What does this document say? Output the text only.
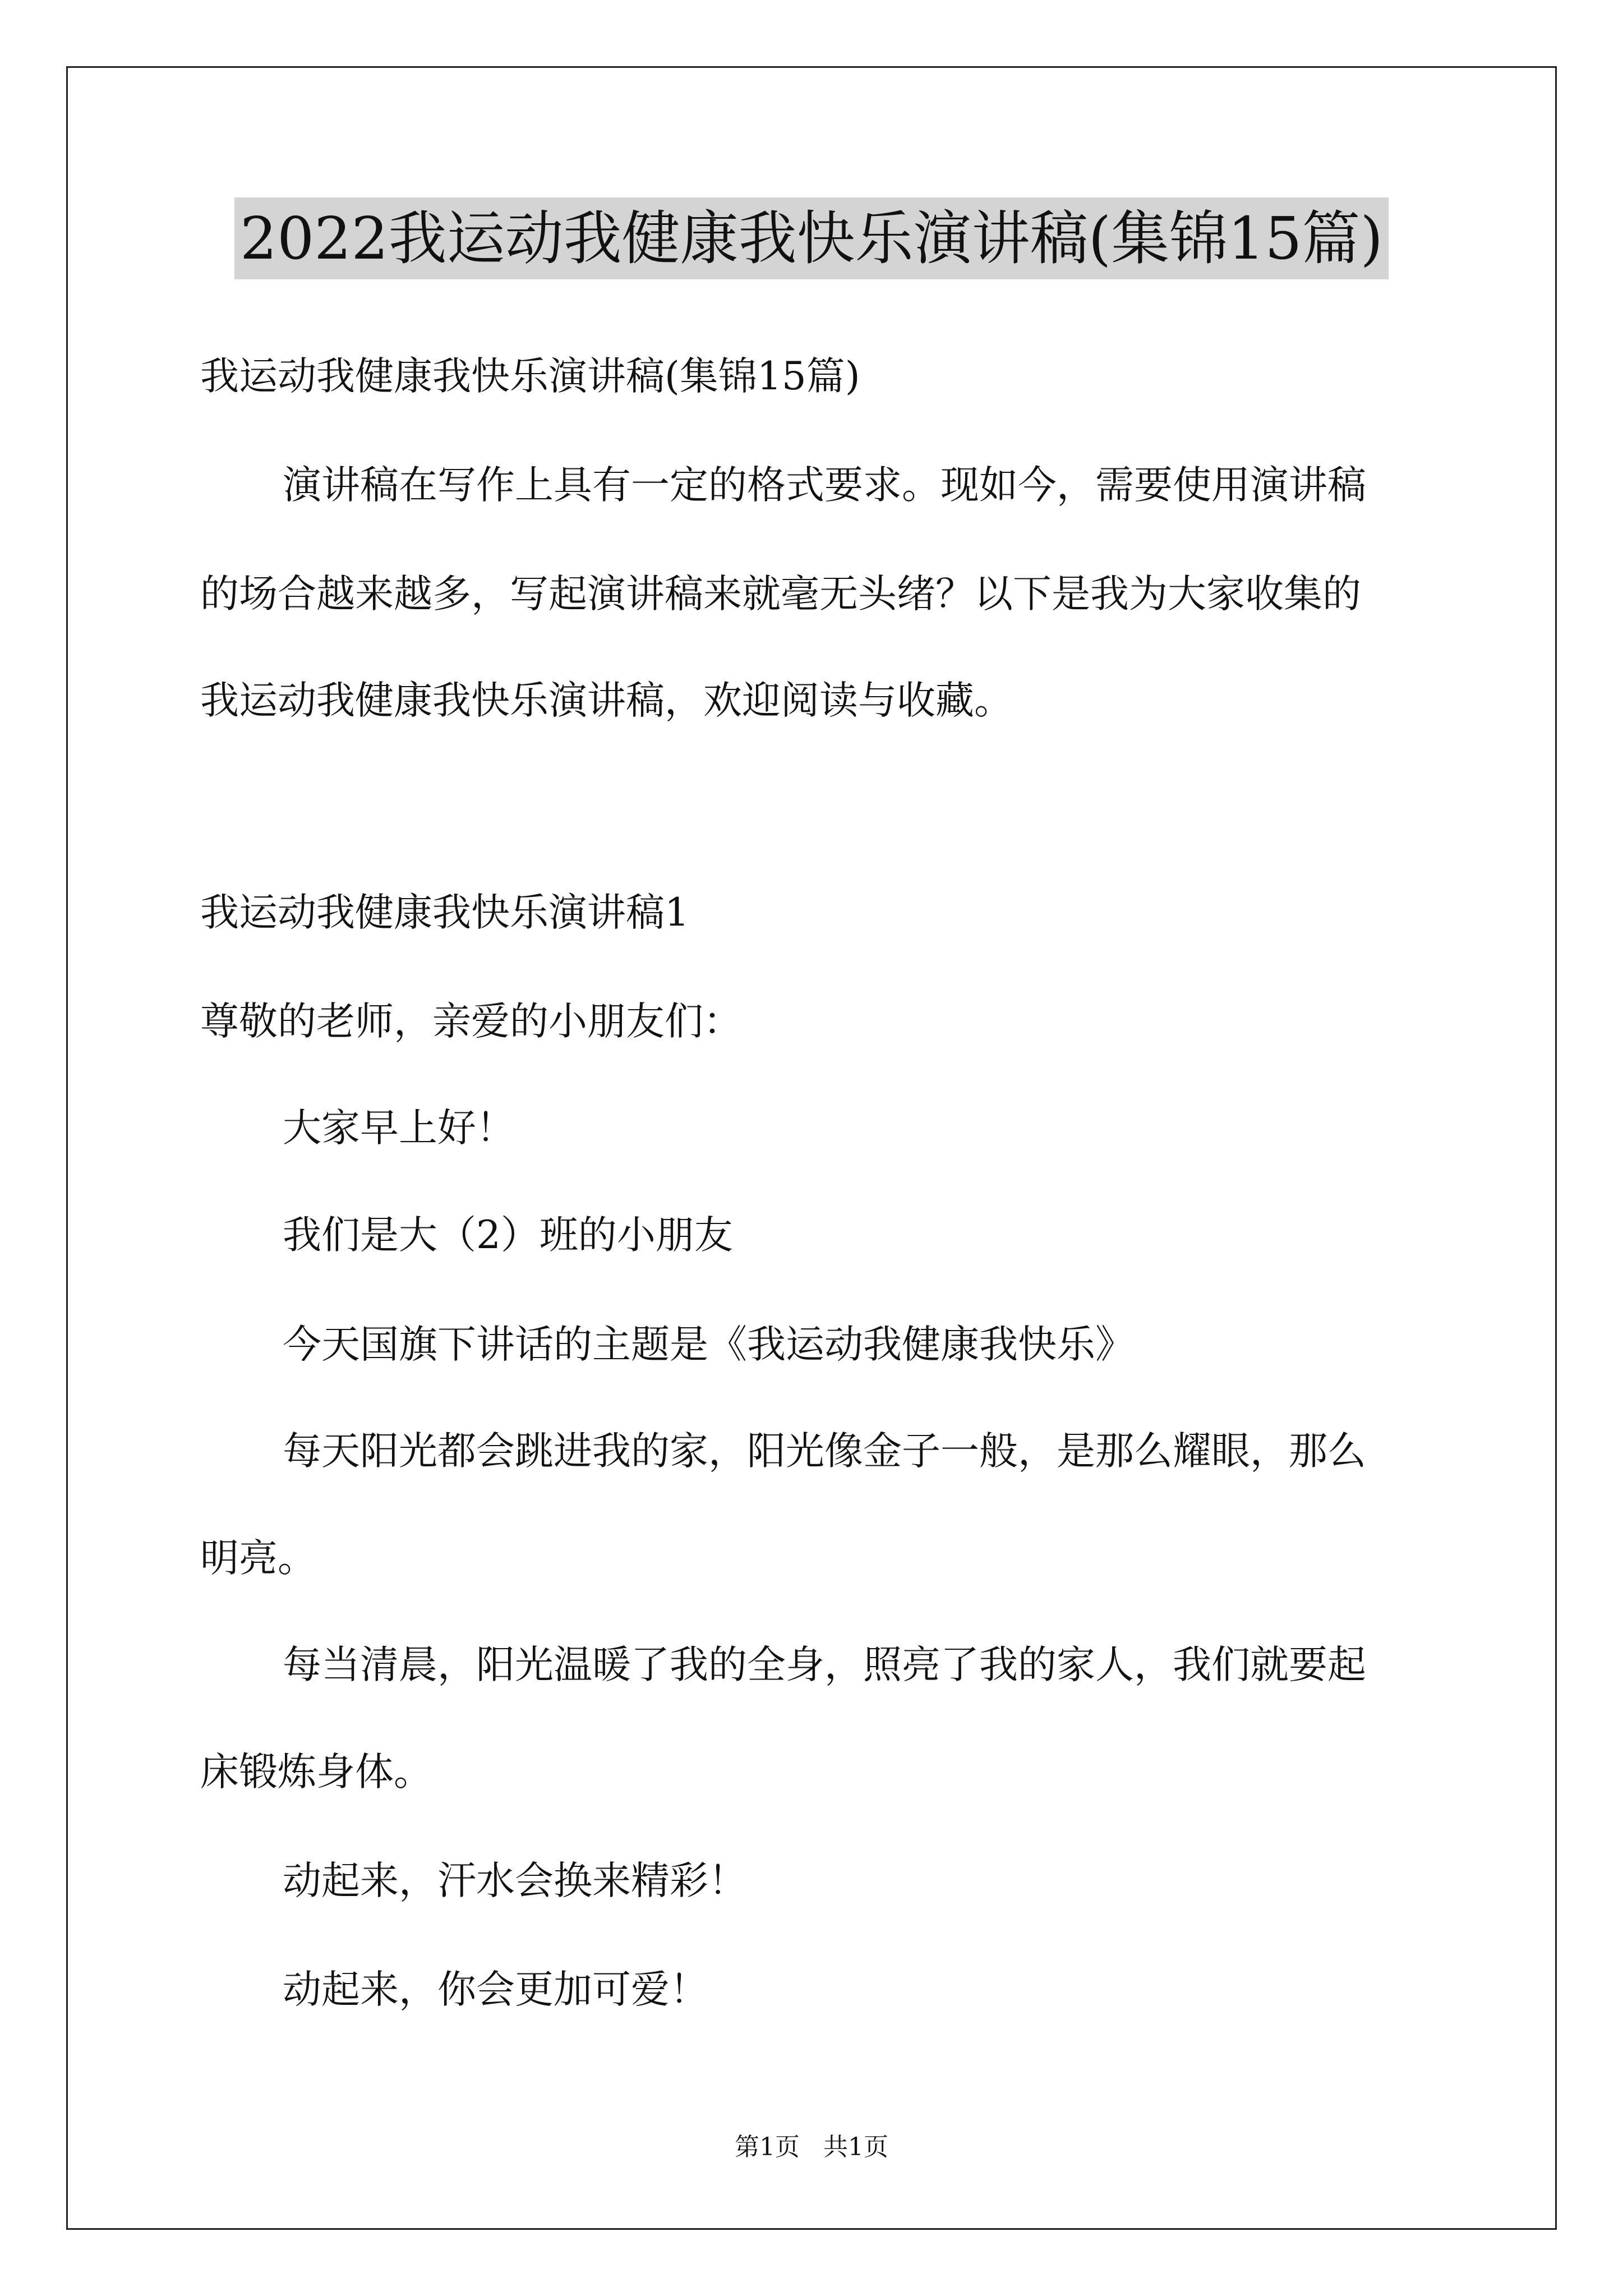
2022我运动我健康我快乐演讲稿(集锦15篇)
我运动我健康我快乐演讲稿(集锦15篇)
演讲稿在写作上具有一定的格式要求。现如今，需要使用演讲稿
的场合越来越多，写起演讲稿来就毫无头绪？以下是我为大家收集的
我运动我健康我快乐演讲稿，欢迎阅读与收藏。
我运动我健康我快乐演讲稿1
尊敬的老师，亲爱的小朋友们：
大家早上好！
我们是大（2）班的小朋友
今天国旗下讲话的主题是《我运动我健康我快乐》
每天阳光都会跳进我的家，阳光像金子一般，是那么耀眼，那么
明亮。
每当清晨，阳光温暖了我的全身，照亮了我的家人，我们就要起
床锻炼身体。
动起来，汗水会换来精彩！
动起来，你会更加可爱！
第1页   共1页
